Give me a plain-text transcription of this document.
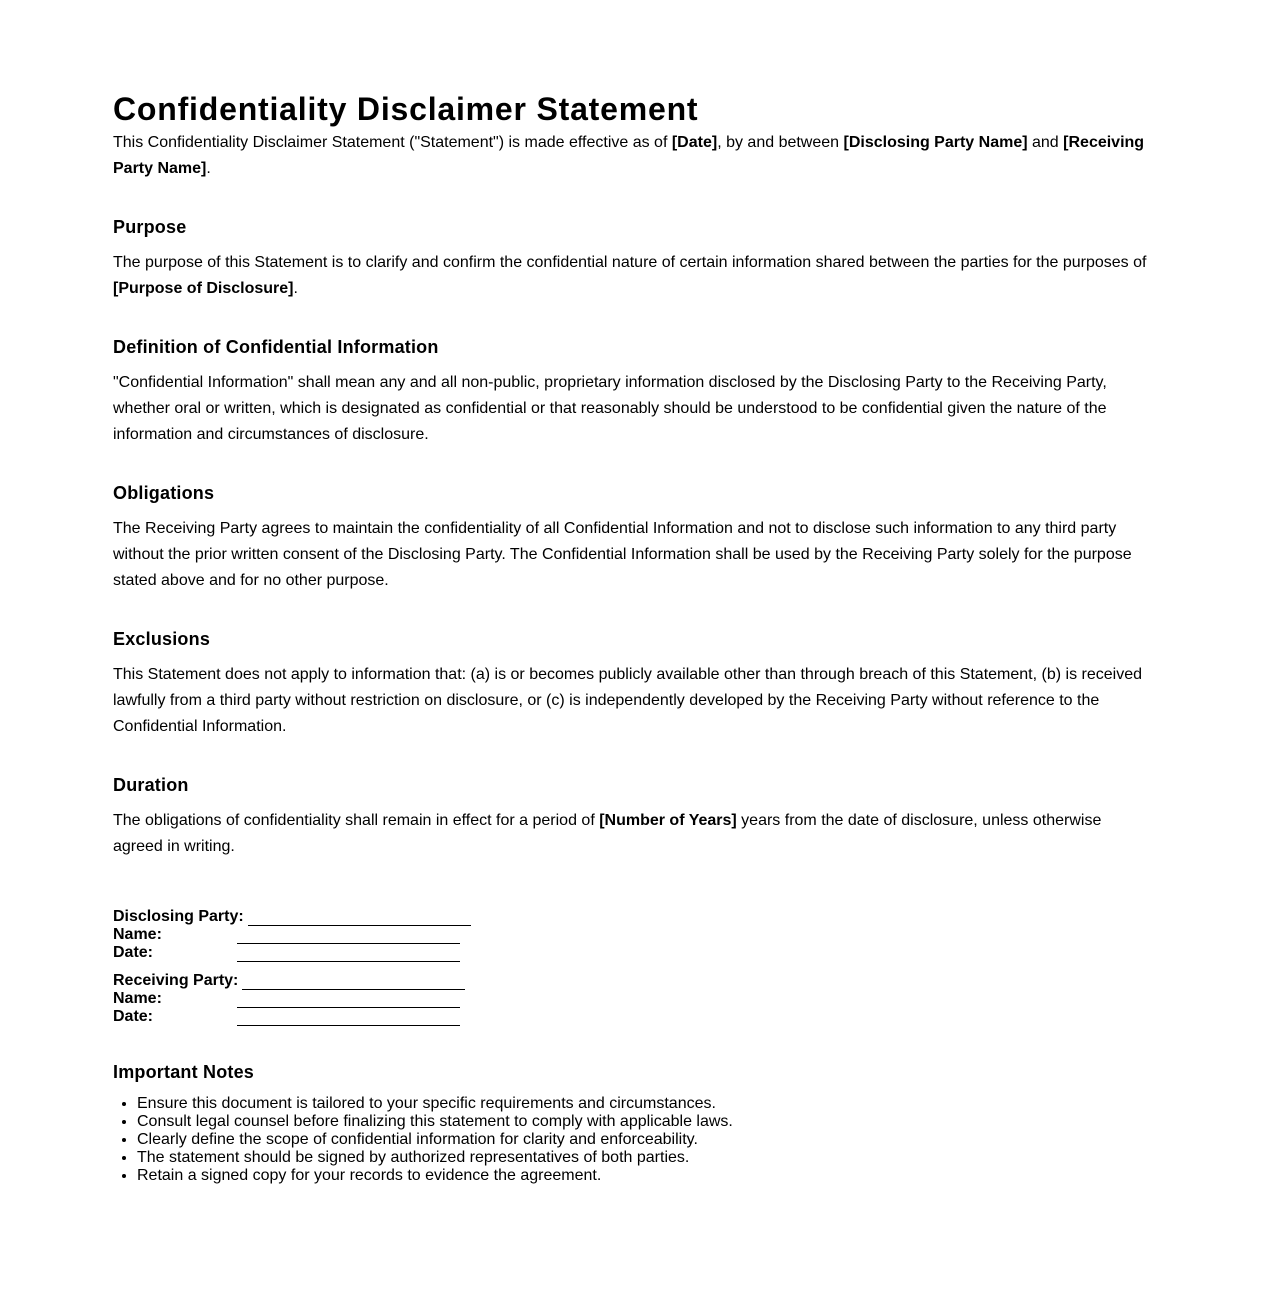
Confidentiality Disclaimer Statement

This Confidentiality Disclaimer Statement ("Statement") is made effective as of [Date], by and between [Disclosing Party Name] and [Receiving Party Name].

Purpose

The purpose of this Statement is to clarify and confirm the confidential nature of certain information shared between the parties for the purposes of [Purpose of Disclosure].

Definition of Confidential Information

"Confidential Information" shall mean any and all non-public, proprietary information disclosed by the Disclosing Party to the Receiving Party, whether oral or written, which is designated as confidential or that reasonably should be understood to be confidential given the nature of the information and circumstances of disclosure.

Obligations

The Receiving Party agrees to maintain the confidentiality of all Confidential Information and not to disclose such information to any third party without the prior written consent of the Disclosing Party. The Confidential Information shall be used by the Receiving Party solely for the purpose stated above and for no other purpose.

Exclusions

This Statement does not apply to information that: (a) is or becomes publicly available other than through breach of this Statement, (b) is received lawfully from a third party without restriction on disclosure, or (c) is independently developed by the Receiving Party without reference to the Confidential Information.

Duration

The obligations of confidentiality shall remain in effect for a period of [Number of Years] years from the date of disclosure, unless otherwise agreed in writing.

Disclosing Party:
Name:
Date:
Receiving Party:
Name:
Date:
Important Notes
• Ensure this document is tailored to your specific requirements and circumstances.
• Consult legal counsel before finalizing this statement to comply with applicable laws.
• Clearly define the scope of confidential information for clarity and enforceability.
• The statement should be signed by authorized representatives of both parties.
• Retain a signed copy for your records to evidence the agreement.
